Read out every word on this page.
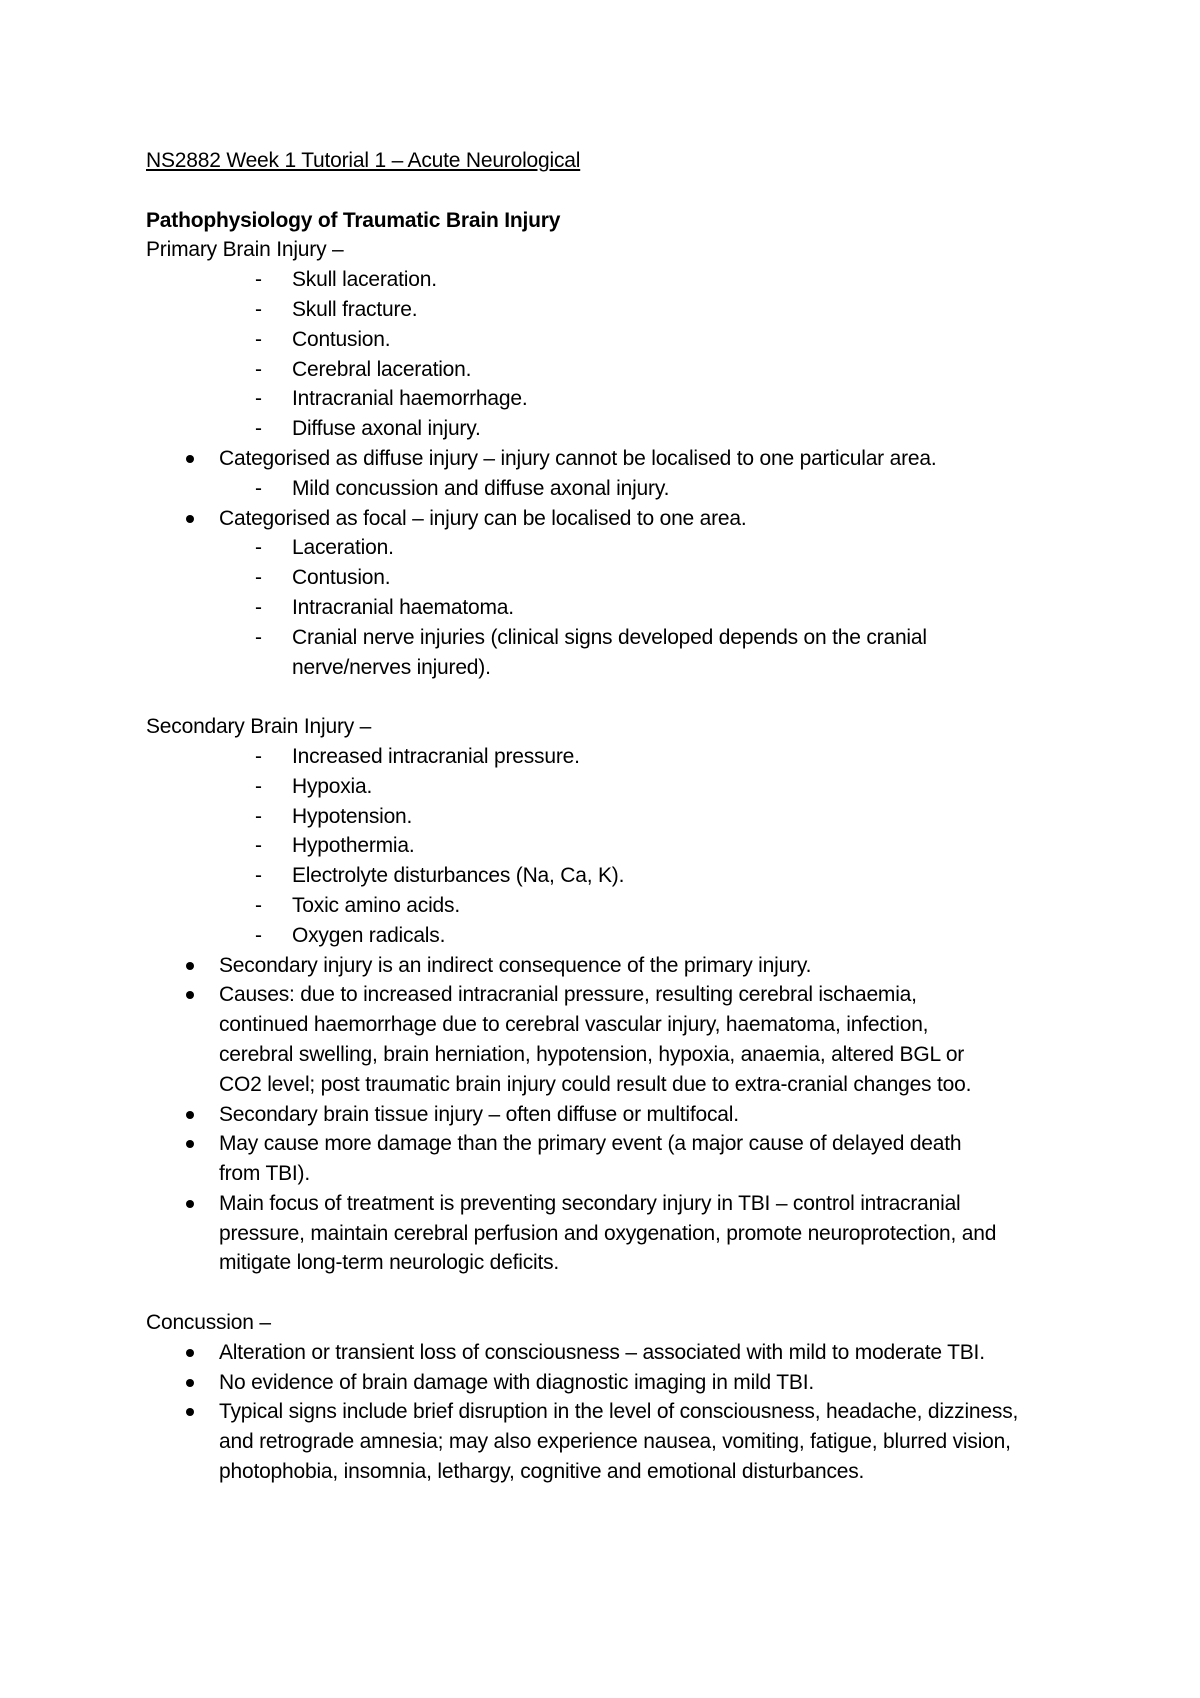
NS2882 Week 1 Tutorial 1 – Acute Neurological

Pathophysiology of Traumatic Brain Injury

Primary Brain Injury –

- Skull laceration.
- Skull fracture.
- Contusion.
- Cerebral laceration.
- Intracranial haemorrhage.
- Diffuse axonal injury.
Categorised as diffuse injury – injury cannot be localised to one particular area.
- Mild concussion and diffuse axonal injury.
Categorised as focal – injury can be localised to one area.
- Laceration.
- Contusion.
- Intracranial haematoma.
- Cranial nerve injuries (clinical signs developed depends on the cranial nerve/nerves injured).

Secondary Brain Injury –

- Increased intracranial pressure.
- Hypoxia.
- Hypotension.
- Hypothermia.
- Electrolyte disturbances (Na, Ca, K).
- Toxic amino acids.
- Oxygen radicals.
Secondary injury is an indirect consequence of the primary injury.
Causes: due to increased intracranial pressure, resulting cerebral ischaemia, continued haemorrhage due to cerebral vascular injury, haematoma, infection, cerebral swelling, brain herniation, hypotension, hypoxia, anaemia, altered BGL or CO2 level; post traumatic brain injury could result due to extra-cranial changes too.
Secondary brain tissue injury – often diffuse or multifocal.
May cause more damage than the primary event (a major cause of delayed death from TBI).
Main focus of treatment is preventing secondary injury in TBI – control intracranial pressure, maintain cerebral perfusion and oxygenation, promote neuroprotection, and mitigate long-term neurologic deficits.

Concussion –

Alteration or transient loss of consciousness – associated with mild to moderate TBI.
No evidence of brain damage with diagnostic imaging in mild TBI.
Typical signs include brief disruption in the level of consciousness, headache, dizziness, and retrograde amnesia; may also experience nausea, vomiting, fatigue, blurred vision, photophobia, insomnia, lethargy, cognitive and emotional disturbances.
